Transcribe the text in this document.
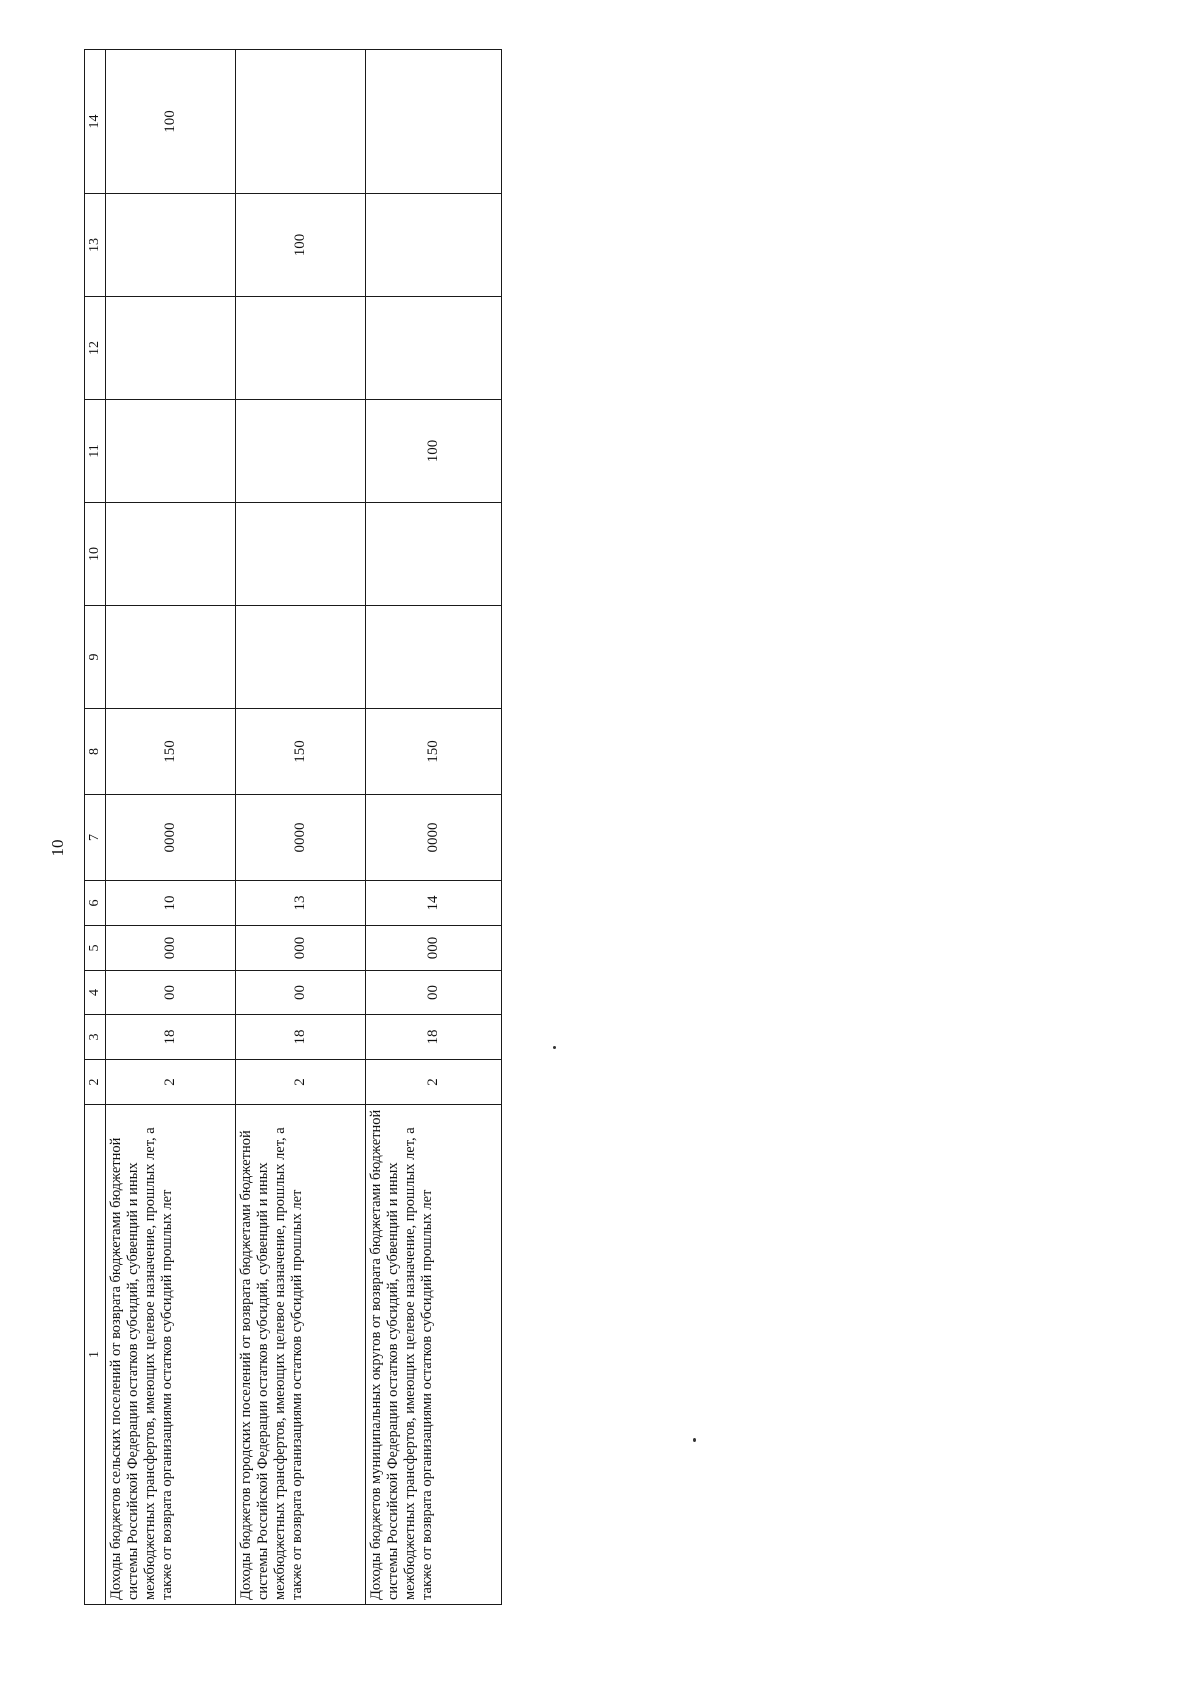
10
1	2	3	4	5	6	7	8	9	10	11	12	13	14
Доходы бюджетов сельских поселений от возврата бюджетами бюджетной системы Российской Федерации остатков субсидий, субвенций и иных межбюджетных трансфертов, имеющих целевое назначение, прошлых лет, а также от возврата организациями остатков субсидий прошлых лет	2	18	00	000	10	0000	150						100
Доходы бюджетов городских поселений от возврата бюджетами бюджетной системы Российской Федерации остатков субсидий, субвенций и иных межбюджетных трансфертов, имеющих целевое назначение, прошлых лет, а также от возврата организациями остатков субсидий прошлых лет	2	18	00	000	13	0000	150					100	
Доходы бюджетов муниципальных округов от возврата бюджетами бюджетной системы Российской Федерации остатков субсидий, субвенций и иных межбюджетных трансфертов, имеющих целевое назначение, прошлых лет, а также от возврата организациями остатков субсидий прошлых лет	2	18	00	000	14	0000	150			100			
